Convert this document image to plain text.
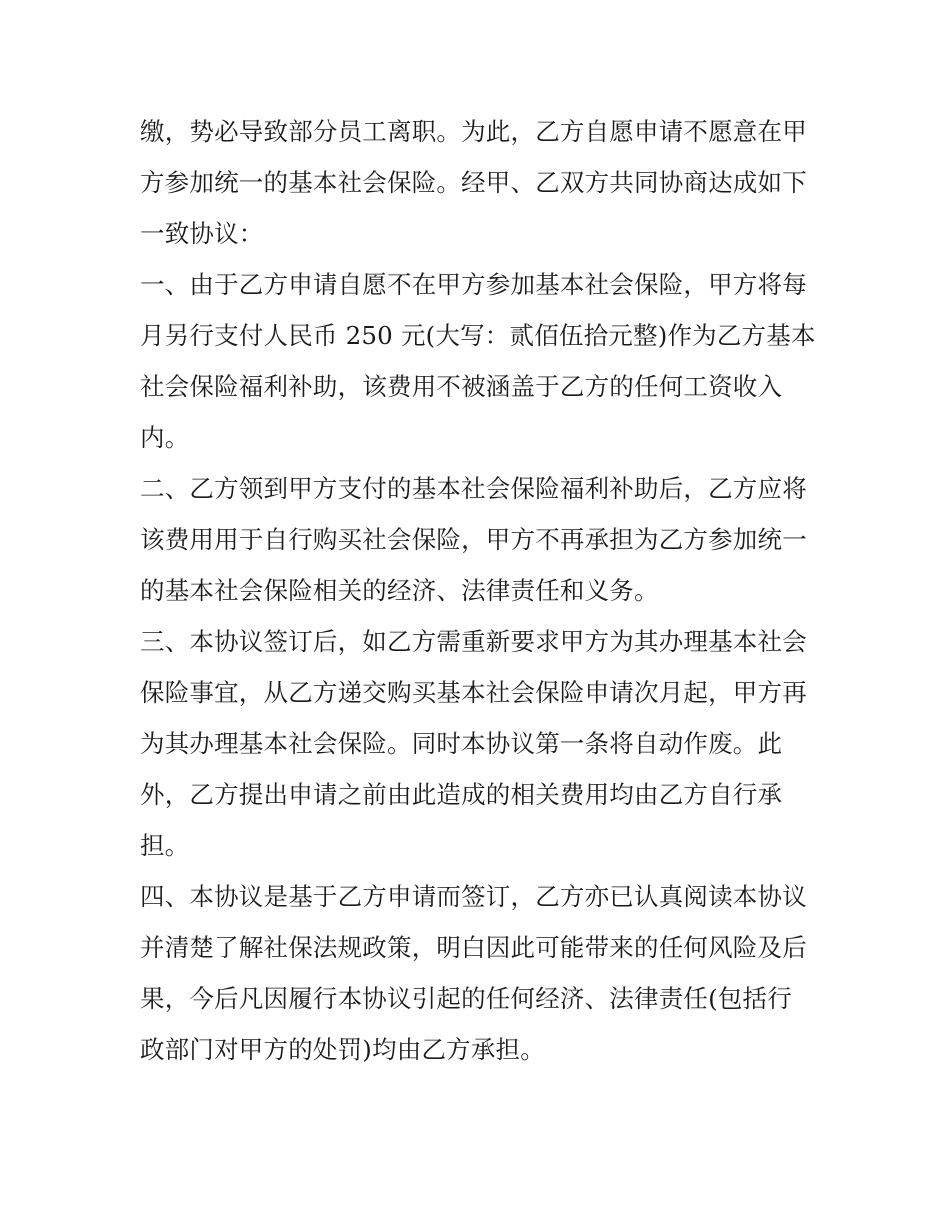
缴，势必导致部分员工离职。为此，乙方自愿申请不愿意在甲
方参加统一的基本社会保险。经甲、乙双方共同协商达成如下
一致协议：
一、由于乙方申请自愿不在甲方参加基本社会保险，甲方将每
月另行支付人民币 250 元(大写：贰佰伍拾元整)作为乙方基本
社会保险福利补助，该费用不被涵盖于乙方的任何工资收入
内。
二、乙方领到甲方支付的基本社会保险福利补助后，乙方应将
该费用用于自行购买社会保险，甲方不再承担为乙方参加统一
的基本社会保险相关的经济、法律责任和义务。
三、本协议签订后，如乙方需重新要求甲方为其办理基本社会
保险事宜，从乙方递交购买基本社会保险申请次月起，甲方再
为其办理基本社会保险。同时本协议第一条将自动作废。此
外，乙方提出申请之前由此造成的相关费用均由乙方自行承
担。
四、本协议是基于乙方申请而签订，乙方亦已认真阅读本协议
并清楚了解社保法规政策，明白因此可能带来的任何风险及后
果，今后凡因履行本协议引起的任何经济、法律责任(包括行
政部门对甲方的处罚)均由乙方承担。
